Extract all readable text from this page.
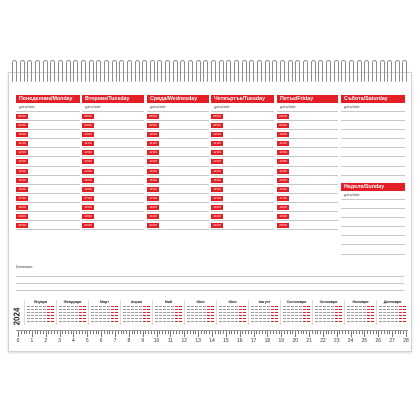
Понеделник/Monday
дата/date
08:00
09:00
10:00
11:00
12:00
13:00
14:00
15:00
16:00
17:00
18:00
19:00
20:00
Вторник/Tuesday
дата/date
08:00
09:00
10:00
11:00
12:00
13:00
14:00
15:00
16:00
17:00
18:00
19:00
20:00
Сряда/Wednesday
дата/date
08:00
09:00
10:00
11:00
12:00
13:00
14:00
15:00
16:00
17:00
18:00
19:00
20:00
Четвъртък/Tuesday
дата/date
08:00
09:00
10:00
11:00
12:00
13:00
14:00
15:00
16:00
17:00
18:00
19:00
20:00
Петък/Friday
дата/date
08:00
09:00
10:00
11:00
12:00
13:00
14:00
15:00
16:00
17:00
18:00
19:00
20:00
Събота/Saturday
дата/date
Неделя/Sunday
дата/date
Бележки:
2024
Януари	Февруари	Март	Април	Май	Юни	Юли	Август	Септември	Октомври	Ноември	Декември
0 1 2 3 4 5 6 7 8 9 10 11 12 13 14 15 16 17 18 19 20 21 22 23 24 25 26 27 28
